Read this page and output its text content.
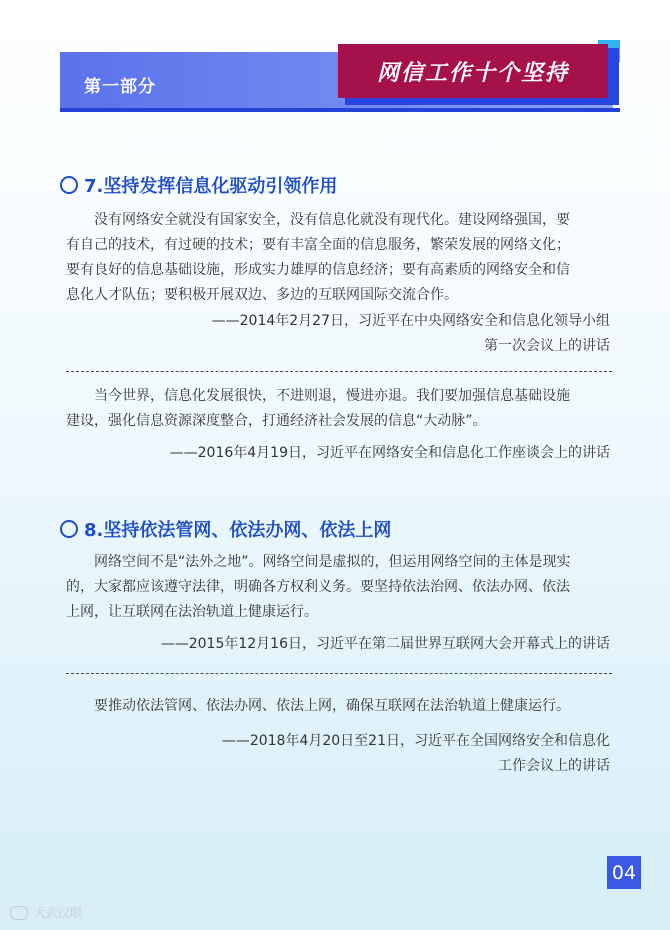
第一部分
网信工作十个坚持
7.坚持发挥信息化驱动引领作用

没有网络安全就没有国家安全，没有信息化就没有现代化。建设网络强国，要
有自己的技术，有过硬的技术；要有丰富全面的信息服务，繁荣发展的网络文化；
要有良好的信息基础设施，形成实力雄厚的信息经济；要有高素质的网络安全和信
息化人才队伍；要积极开展双边、多边的互联网国际交流合作。

——2014年2月27日，习近平在中央网络安全和信息化领导小组
第一次会议上的讲话

当今世界，信息化发展很快，不进则退，慢进亦退。我们要加强信息基础设施
建设，强化信息资源深度整合，打通经济社会发展的信息“大动脉”。

——2016年4月19日，习近平在网络安全和信息化工作座谈会上的讲话

8.坚持依法管网、依法办网、依法上网

网络空间不是“法外之地”。网络空间是虚拟的，但运用网络空间的主体是现实
的，大家都应该遵守法律，明确各方权利义务。要坚持依法治网、依法办网、依法
上网，让互联网在法治轨道上健康运行。

——2015年12月16日，习近平在第二届世界互联网大会开幕式上的讲话

要推动依法管网、依法办网、依法上网，确保互联网在法治轨道上健康运行。

——2018年4月20日至21日，习近平在全国网络安全和信息化
工作会议上的讲话

04
大武汉眼
